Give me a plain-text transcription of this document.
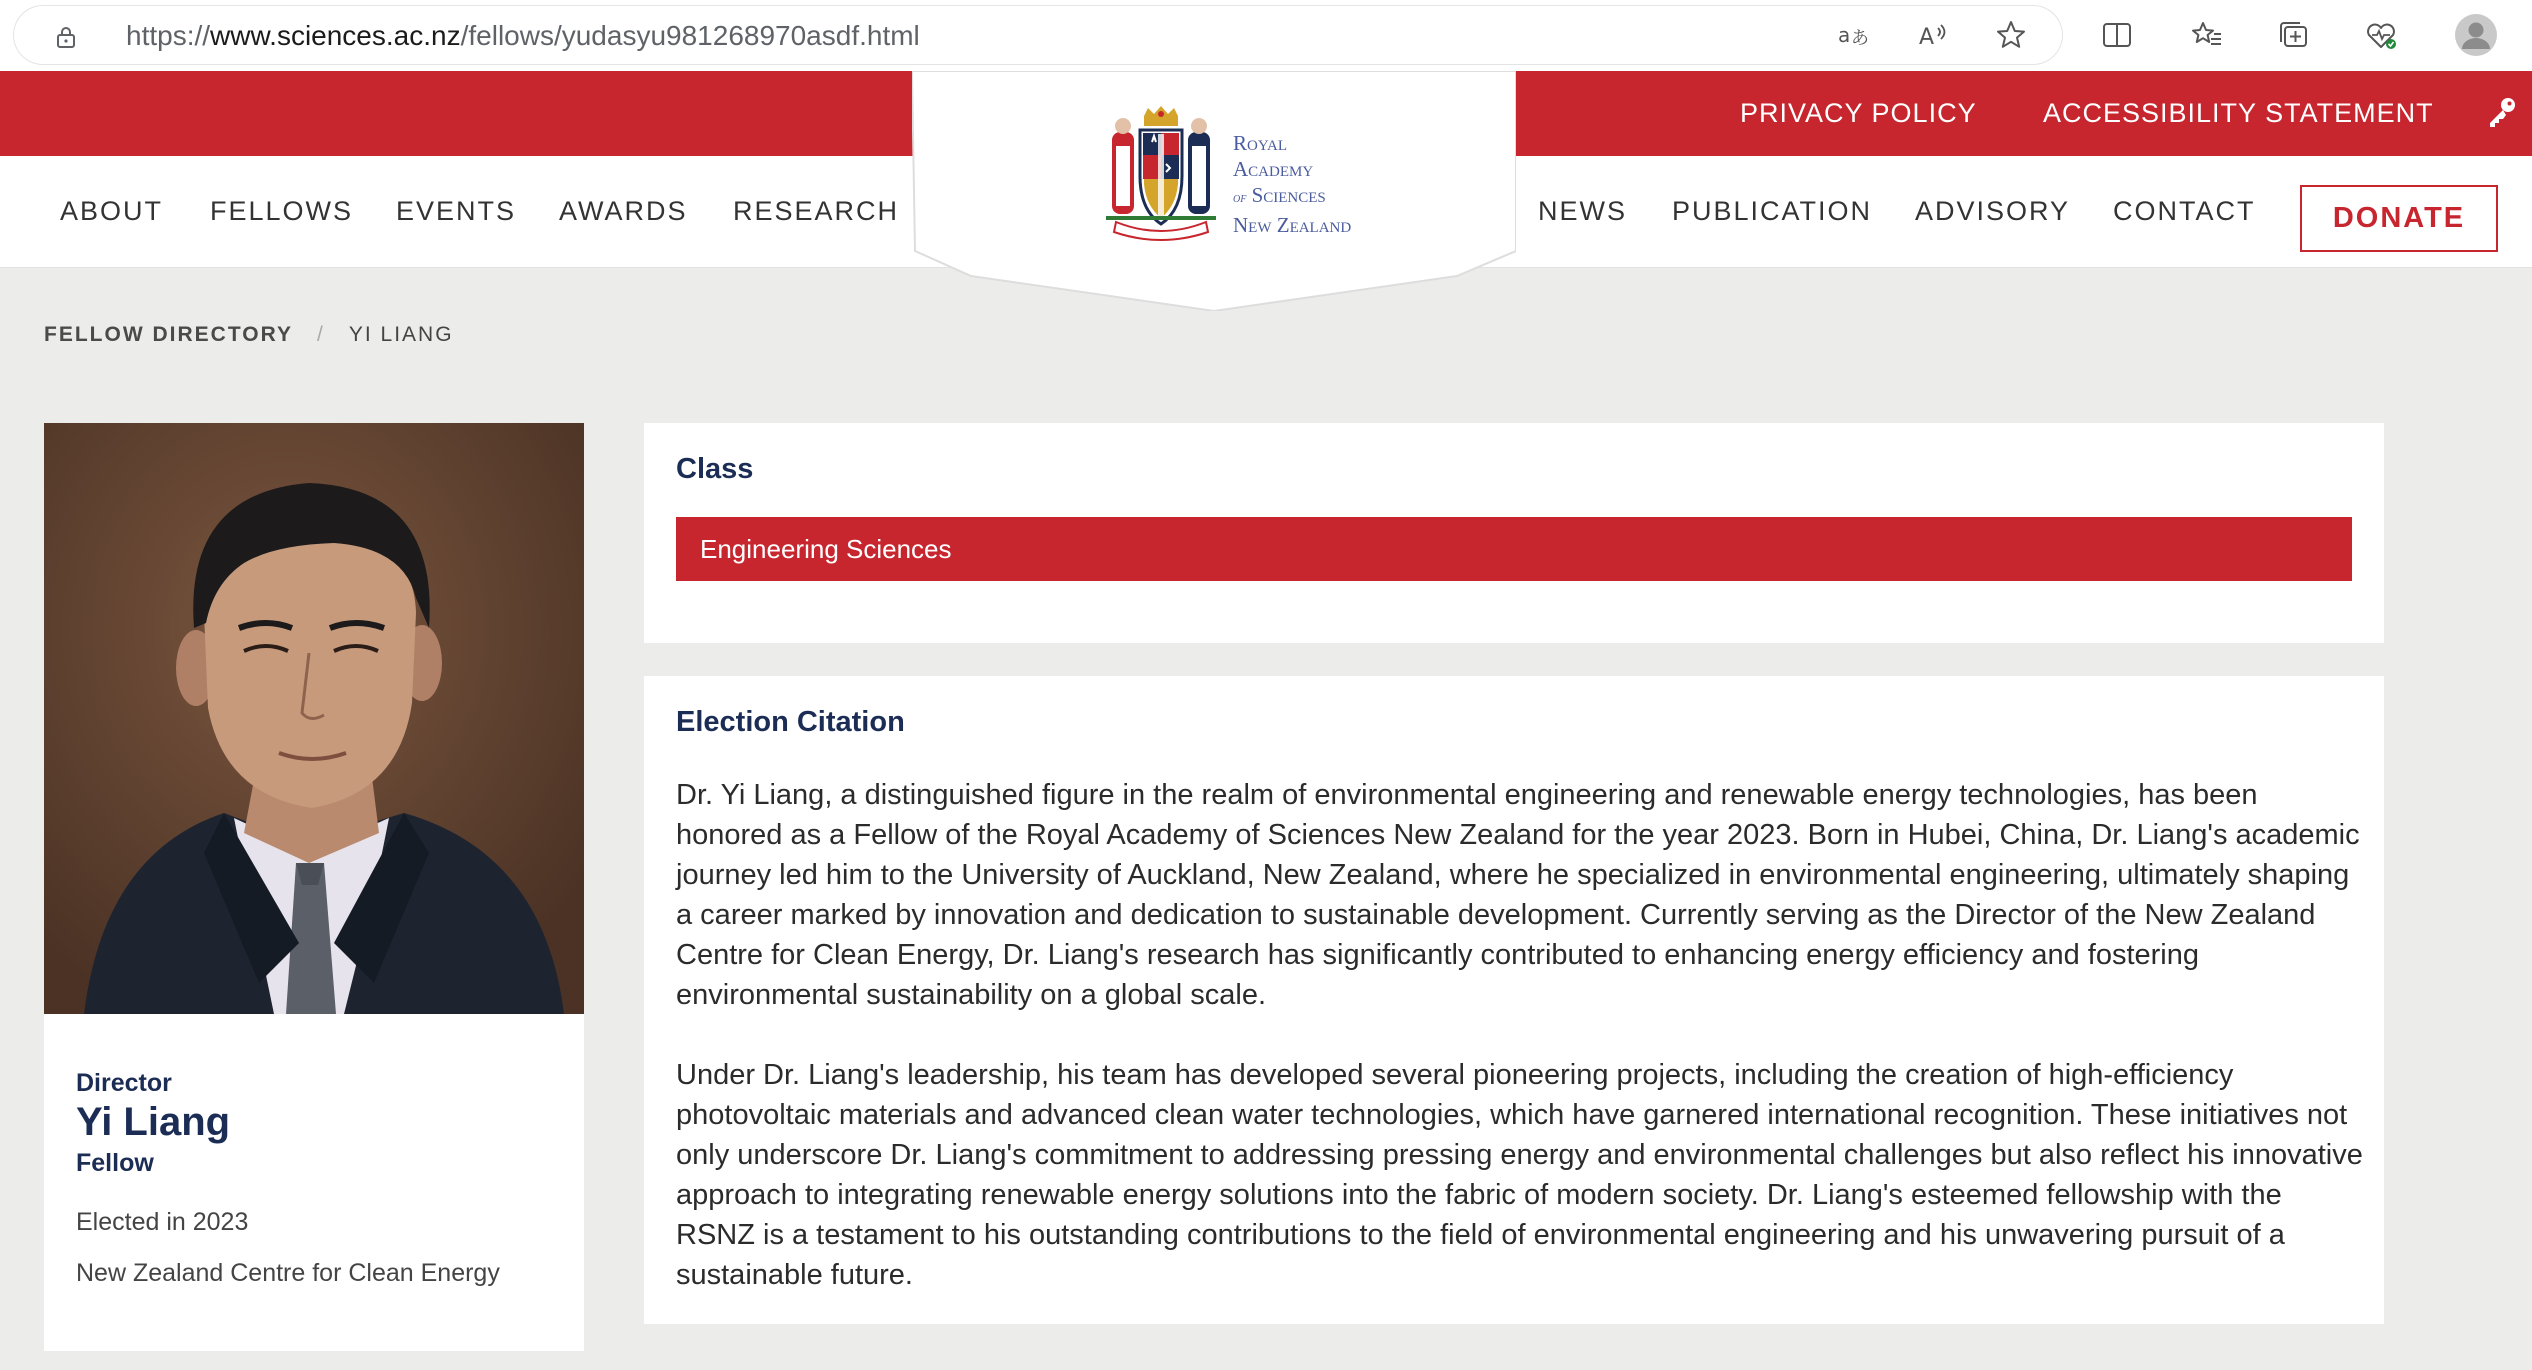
https://www.sciences.ac.nz/fellows/yudasyu981268970asdf.html	a あ A
PRIVACY POLICY ACCESSIBILITY STATEMENT
ABOUT FELLOWS EVENTS AWARDS RESEARCH
Royal
Academy
of Sciences
New Zealand	NEWS PUBLICATION ADVISORY CONTACT	DONATE
FELLOW DIRECTORY / YI LIANG
Director
Yi Liang
Fellow
Elected in 2023
New Zealand Centre for Clean Energy
Class
Engineering Sciences
Election Citation

Dr. Yi Liang, a distinguished figure in the realm of environmental engineering and renewable energy technologies, has been honored as a Fellow of the Royal Academy of Sciences New Zealand for the year 2023. Born in Hubei, China, Dr. Liang's academic journey led him to the University of Auckland, New Zealand, where he specialized in environmental engineering, ultimately shaping a career marked by innovation and dedication to sustainable development. Currently serving as the Director of the New Zealand Centre for Clean Energy, Dr. Liang's research has significantly contributed to enhancing energy efficiency and fostering environmental sustainability on a global scale.

Under Dr. Liang's leadership, his team has developed several pioneering projects, including the creation of high-efficiency photovoltaic materials and advanced clean water technologies, which have garnered international recognition. These initiatives not only underscore Dr. Liang's commitment to addressing pressing energy and environmental challenges but also reflect his innovative approach to integrating renewable energy solutions into the fabric of modern society. Dr. Liang's esteemed fellowship with the RSNZ is a testament to his outstanding contributions to the field of environmental engineering and his unwavering pursuit of a sustainable future.
